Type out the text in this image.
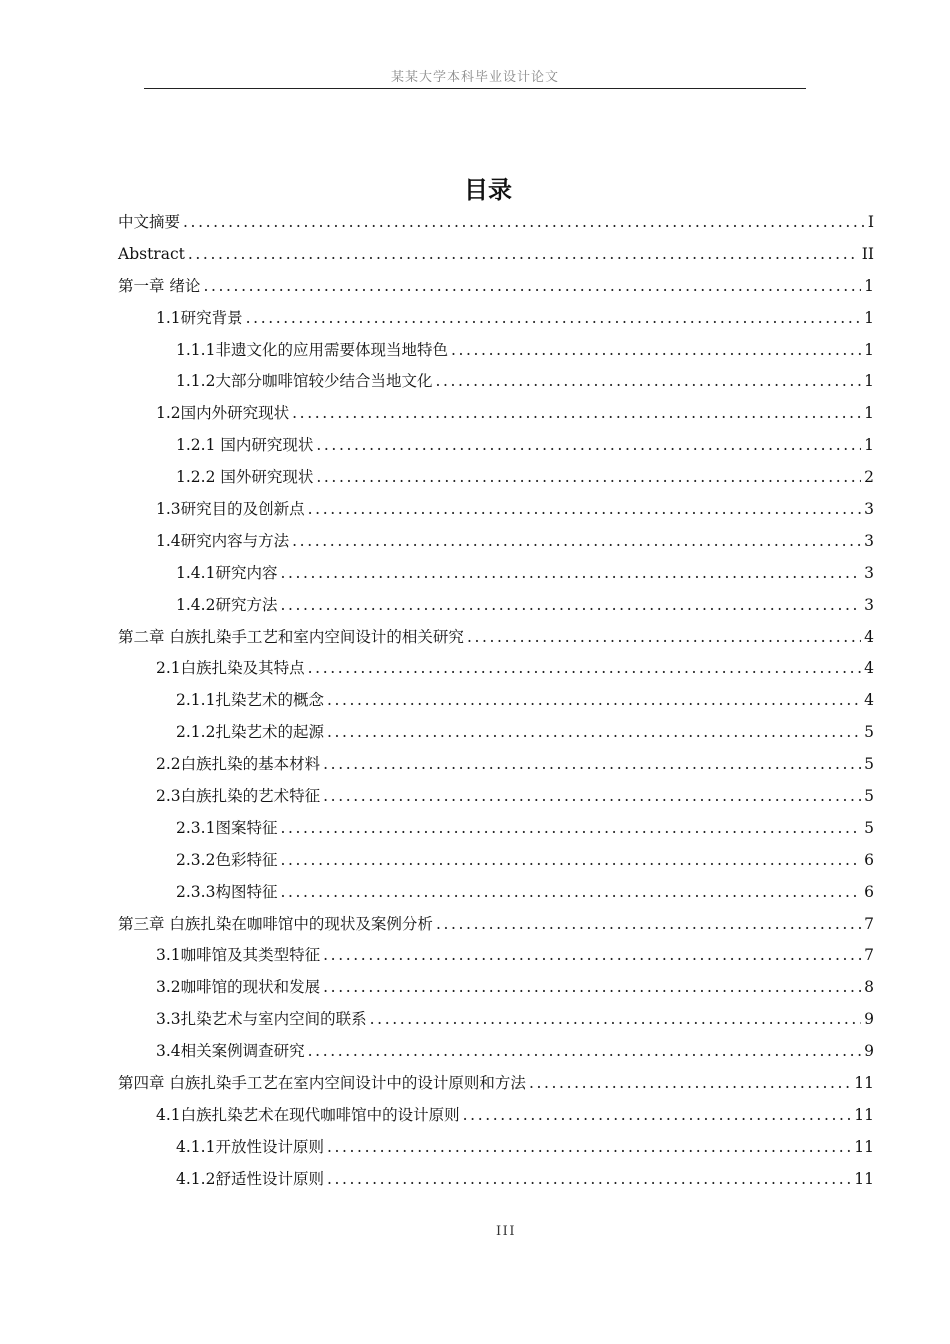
某某大学本科毕业设计论文
目录
中文摘要 .....	I
Abstract .....	II
第一章 绪论 .....	1
1.1研究背景 .....	1
1.1.1非遗文化的应用需要体现当地特色 .....	1
1.1.2大部分咖啡馆较少结合当地文化 .....	1
1.2国内外研究现状 .....	1
1.2.1 国内研究现状 .....	1
1.2.2 国外研究现状 .....	2
1.3研究目的及创新点 .....	3
1.4研究内容与方法 .....	3
1.4.1研究内容 .....	3
1.4.2研究方法 .....	3
第二章 白族扎染手工艺和室内空间设计的相关研究 .....	4
2.1白族扎染及其特点 .....	4
2.1.1扎染艺术的概念 .....	4
2.1.2扎染艺术的起源 .....	5
2.2白族扎染的基本材料 .....	5
2.3白族扎染的艺术特征 .....	5
2.3.1图案特征 .....	5
2.3.2色彩特征 .....	6
2.3.3构图特征 .....	6
第三章 白族扎染在咖啡馆中的现状及案例分析 .....	7
3.1咖啡馆及其类型特征 .....	7
3.2咖啡馆的现状和发展 .....	8
3.3扎染艺术与室内空间的联系 .....	9
3.4相关案例调查研究 .....	9
第四章 白族扎染手工艺在室内空间设计中的设计原则和方法 .....	11
4.1白族扎染艺术在现代咖啡馆中的设计原则 .....	11
4.1.1开放性设计原则 .....	11
4.1.2舒适性设计原则 .....	11
III
